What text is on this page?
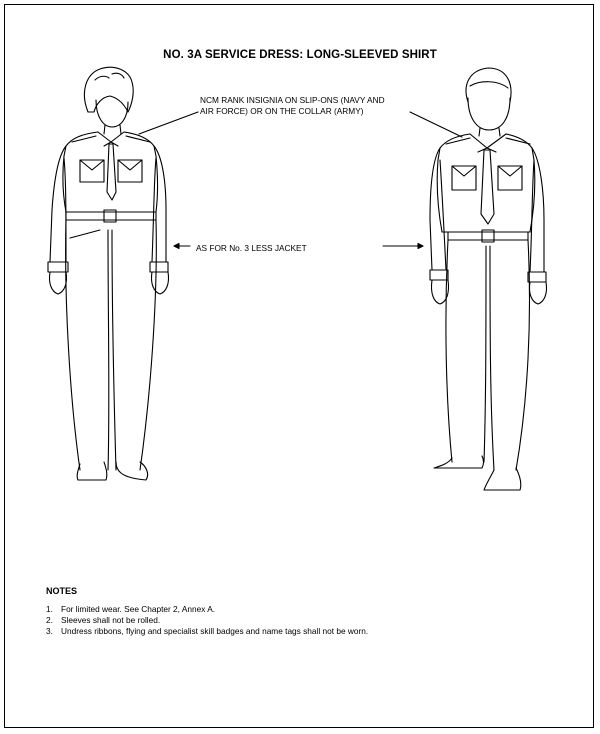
NO. 3A SERVICE DRESS: LONG-SLEEVED SHIRT
NCM RANK INSIGNIA ON SLIP-ONS (NAVY AND
AIR FORCE) OR ON THE COLLAR (ARMY)
AS FOR No. 3 LESS JACKET
NOTES
1. For limited wear. See Chapter 2, Annex A.
2. Sleeves shall not be rolled.
3. Undress ribbons, flying and specialist skill badges and name tags shall not be worn.
